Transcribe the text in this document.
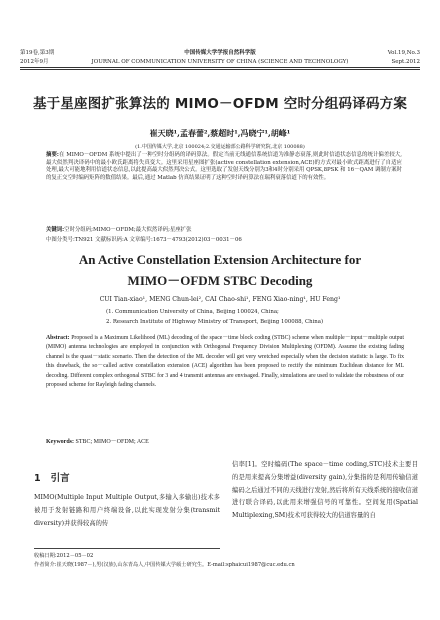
第19卷,第3期
2012年9月
中国传媒大学学报自然科学版
JOURNAL OF COMMUNICATION UNIVERSITY OF CHINA (SCIENCE AND TECHNOLOGY)
Vol.19,No.3
Sept.2012
基于星座图扩张算法的 MIMO－OFDM 空时分组码译码方案
崔天晓¹,孟春蕾²,蔡超时¹,冯晓宁¹,胡峰¹
(1.中国传媒大学,北京 100024;2.交通运输部公路科学研究院,北京 100088)
摘要:在 MIMO－OFDM 系统中提出了一种空时分组码的译码算法。假定当前无线通信系统信道为准静态衰落,则此时信道状态信息的统计偏差较大,最大似然判决译码中的最小欧氏距离将失真变大。这里采用星座图扩张(active constellation extension,ACE)的方式对最小欧式距离进行了自适应处理,最大可能地利用信道状态信息,以此提高最大似然判决公式。这里选取了发射天线分别为3和4时分别采用 QPSK,8PSK 和 16－QAM 调制方案时的复正交空时编码矩阵的数值结果。最后,通过 Matlab 仿真结果证明了这种空时译码算法在瑞利衰落信道下的有效性。
关键词:空时分组码;MIMO－OFDM;最大似然译码;星座扩张
中图分类号:TN921 文献标识码:A 文章编号:1673－4793(2012)03－0031－06
An Active Constellation Extension Architecture for
MIMO－OFDM STBC Decoding
CUI Tian-xiao¹, MENG Chun-lei², CAI Chao-shi¹, FENG Xiao-ning¹, HU Feng¹
(1. Communication University of China, Beijing 100024, China;
2. Research Institute of Highway Ministry of Transport, Beijing 100088, China)
Abstract: Proposed is a Maximum Likelihood (ML) decoding of the space－time block coding (STBC) scheme when multiple－input－multiple output (MIMO) antenna technologies are employed in conjunction with Orthogonal Frequency Division Multiplexing (OFDM). Assume the existing fading channel is the quasi－static scenario. Then the detection of the ML decoder will get very wretched especially when the decision statistic is large. To fix this drawback, the so－called active constellation extension (ACE) algorithm has been proposed to rectify the minimum Euclidean distance for ML decoding. Different complex orthogonal STBC for 3 and 4 transmit antennas are envisaged. Finally, simulations are used to validate the robustness of our proposed scheme for Rayleigh fading channels.
Keywords: STBC; MIMO－OFDM; ACE
1 引言
MIMO(Multiple Input Multiple Output,多输入多输出)技术多被用于发射链路和用户终端设备,以此实现发射分集(transmit diversity)并获得较高的传
信率[1]。空时编码(The space－time coding,STC)技术主要目的是用来提高分集增益(diversity gain),分集指的是利用传输信道编码之后通过不同的天线进行发射,然后将所有天线系统的接收信道进行联合译码,以此用来增强信号的可靠性。空间复用(Spatial Multiplexing,SM)技术可获得较大的信道容量的自
收稿日期:2012－05－02
作者简介:崔天晓(1987－),男(汉族),山东青岛人,中国传媒大学硕士研究生。E-mail:sphaicui1987@cuc.edu.cn
